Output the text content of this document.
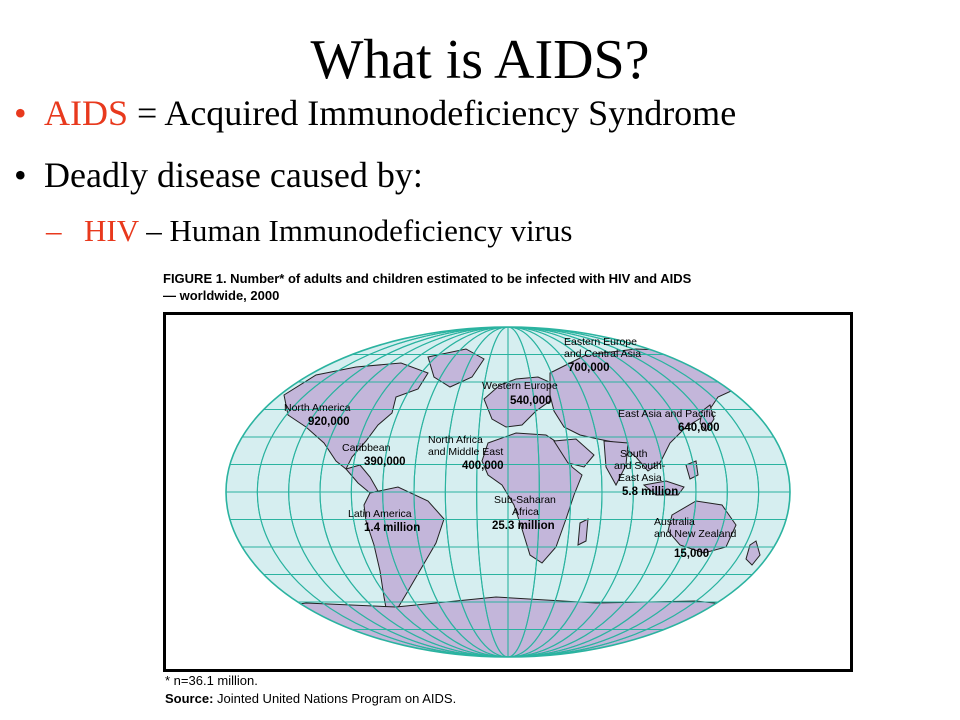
What is AIDS?
• AIDS = Acquired Immunodeficiency Syndrome
• Deadly disease caused by:
– HIV – Human Immunodeficiency virus
FIGURE 1. Number* of adults and children estimated to be infected with HIV and AIDS
— worldwide, 2000
North America
920,000
Caribbean
390,000
Latin America
1.4 million
Western Europe
540,000
Eastern Europe
and Central Asia
700,000
North Africa
and Middle East
400,000
Sub-Saharan
Africa
25.3 million
East Asia and Pacific
640,000
South
and South-
East Asia
5.8 million
Australia
and New Zealand
15,000
* n=36.1 million.
Source: Jointed United Nations Program on AIDS.
